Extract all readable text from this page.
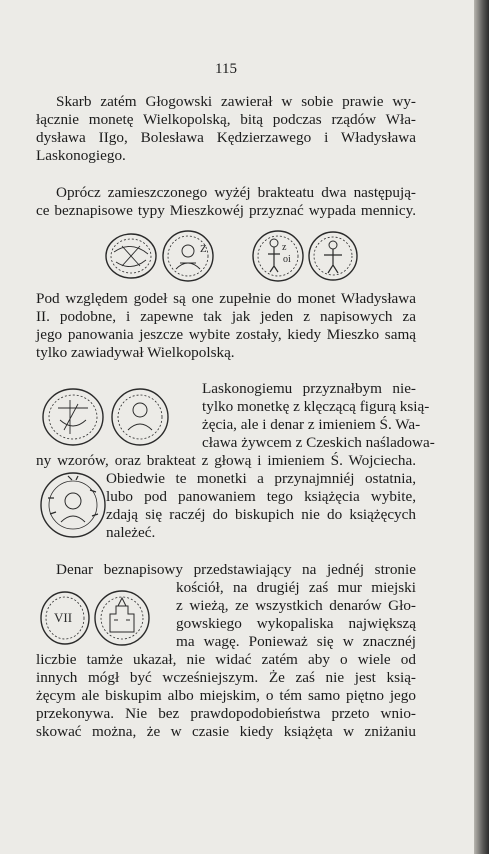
115
Skarb zatém Głogowski zawierał w sobie prawie wy-
łącznie monetę Wielkopolską, bitą podczas rządów Wła-
dysława IIgo, Bolesława Kędzierzawego i Władysława
Laskonogiego.
Oprócz zamieszczonego wyżéj brakteatu dwa następują-
ce beznapisowe typy Mieszkowéj przyznać wypada mennicy.
Pod względem godeł są one zupełnie do monet Władysława
II. podobne, i zapewne tak jak jeden z napisowych za
jego panowania jeszcze wybite zostały, kiedy Mieszko samą
tylko zawiadywał Wielkopolską.
Laskonogiemu przyznałbym nie-
tylko monetkę z klęczącą figurą ksią-
żęcia, ale i denar z imieniem Ś. Wa-
cława żywcem z Czeskich naśladowa-
ny wzorów, oraz brakteat z głową i imieniem Ś. Wojciecha.
Obiedwie te monetki a przynajmniéj ostatnia,
lubo pod panowaniem tego książęcia wybite,
zdają się raczéj do biskupich nie do książęcych
należeć.
Denar beznapisowy przedstawiający na jednéj stronie
kościół, na drugiéj zaś mur miejski
z wieżą, ze wszystkich denarów Gło-
gowskiego wykopaliska największą
ma wagę. Ponieważ się w znacznéj
liczbie tamże ukazał, nie widać zatém aby o wiele od
innych mógł być wcześniejszym. Że zaś nie jest ksią-
żęcym ale biskupim albo miejskim, o tém samo piętno jego
przekonywa. Nie bez prawdopodobieństwa przeto wnio-
skować można, że w czasie kiedy książęta w zniżaniu
Z	z
oi
VII
